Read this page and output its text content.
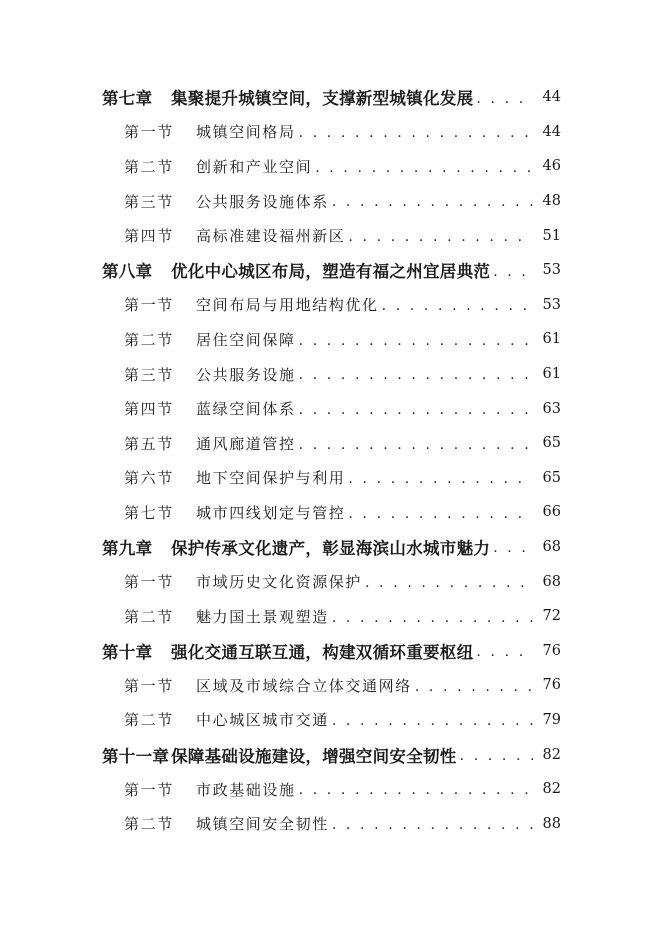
第七章	集聚提升城镇空间，支撑新型城镇化发展 . . .	44
第一节	城镇空间格局 . . .	44
第二节	创新和产业空间 . . .	46
第三节	公共服务设施体系 . . .	48
第四节	高标准建设福州新区 . . .	51
第八章	优化中心城区布局，塑造有福之州宜居典范 . . .	53
第一节	空间布局与用地结构优化 . . .	53
第二节	居住空间保障 . . .	61
第三节	公共服务设施 . . .	61
第四节	蓝绿空间体系 . . .	63
第五节	通风廊道管控 . . .	65
第六节	地下空间保护与利用 . . .	65
第七节	城市四线划定与管控 . . .	66
第九章	保护传承文化遗产，彰显海滨山水城市魅力 . . .	68
第一节	市域历史文化资源保护 . . .	68
第二节	魅力国土景观塑造 . . .	72
第十章	强化交通互联互通，构建双循环重要枢纽 . . .	76
第一节	区域及市域综合立体交通网络 . . .	76
第二节	中心城区城市交通 . . .	79
第十一章 保障基础设施建设，增强空间安全韧性 . . .	82
第一节	市政基础设施 . . .	82
第二节	城镇空间安全韧性 . . .	88
